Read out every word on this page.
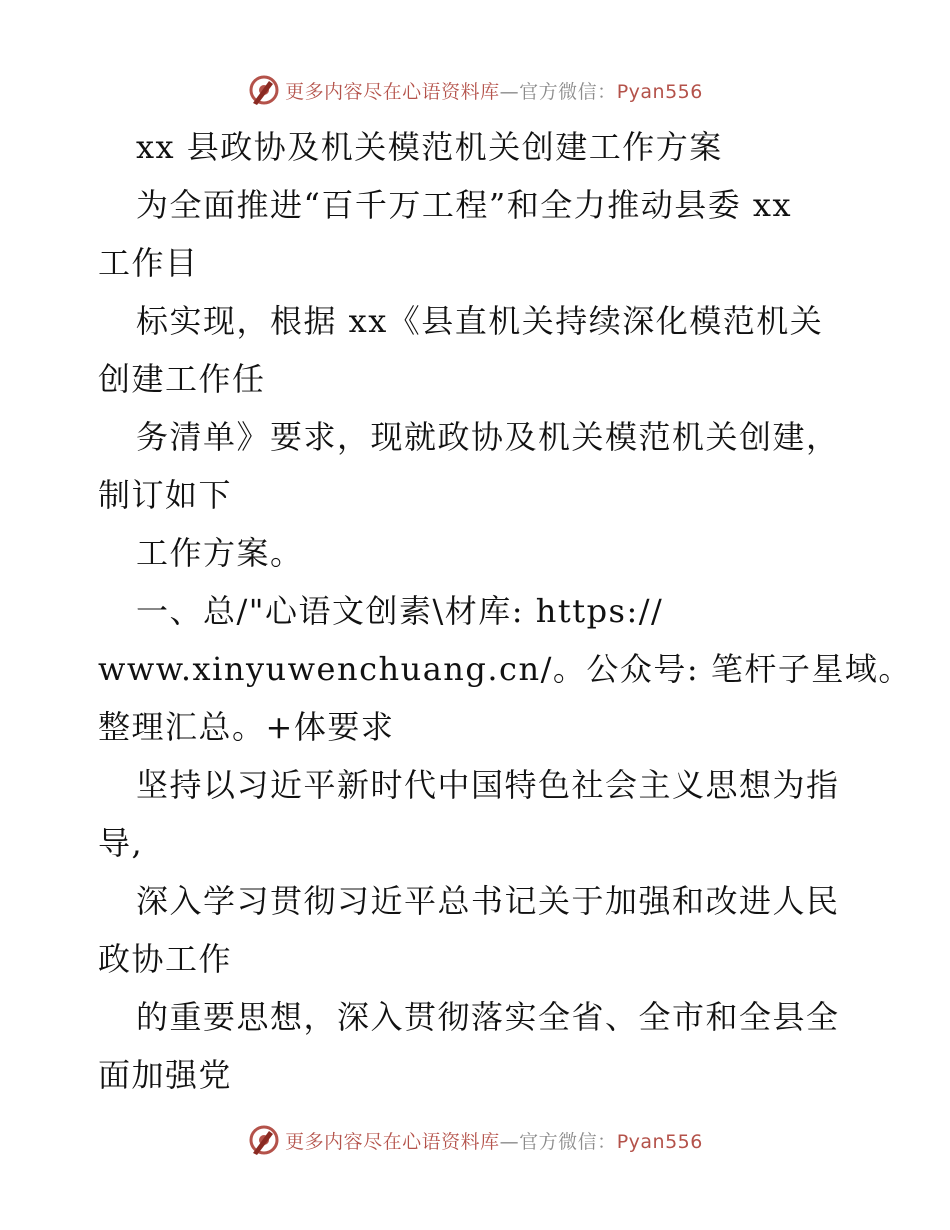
更多内容尽在心语资料库—官方微信：Pyan556
xx 县政协及机关模范机关创建工作方案
为全面推进“百千万工程”和全力推动县委 xx
工作目
标实现，根据 xx《县直机关持续深化模范机关
创建工作任
务清单》要求，现就政协及机关模范机关创建，
制订如下
工作方案。
一、总/"心语文创素\材库: https://
www.xinyuwenchuang.cn/。公众号: 笔杆子星域。
整理汇总。+体要求
坚持以习近平新时代中国特色社会主义思想为指
导,
深入学习贯彻习近平总书记关于加强和改进人民
政协工作
的重要思想，深入贯彻落实全省、全市和全县全
面加强党
更多内容尽在心语资料库—官方微信：Pyan556
